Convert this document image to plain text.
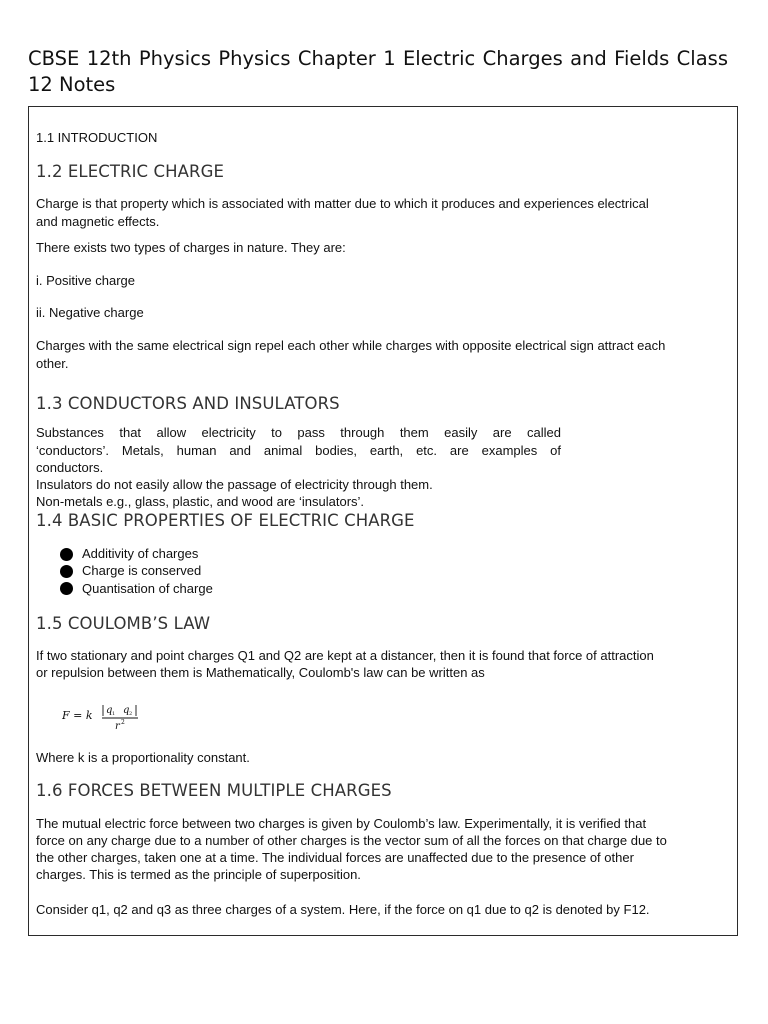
CBSE 12th Physics Physics Chapter 1 Electric Charges and Fields Class 12 Notes

1.1 INTRODUCTION

1.2 ELECTRIC CHARGE

Charge is that property which is associated with matter due to which it produces and experiences electrical

and magnetic effects.

There exists two types of charges in nature. They are:

i. Positive charge

ii. Negative charge

Charges with the same electrical sign repel each other while charges with opposite electrical sign attract each

other.

1.3 CONDUCTORS AND INSULATORS

Substances that allow electricity to pass through them easily are called

‘conductors’. Metals, human and animal bodies, earth, etc. are examples of

conductors.

Insulators do not easily allow the passage of electricity through them.

Non-metals e.g., glass, plastic, and wood are ‘insulators’.

1.4 BASIC PROPERTIES OF ELECTRIC CHARGE
Additivity of charges
Charge is conserved
Quantisation of charge
1.5 COULOMB’S LAW

If two stationary and point charges Q1 and Q2 are kept at a distancer, then it is found that force of attraction

or repulsion between them is Mathematically, Coulomb's law can be written as

F = k q 1 q 2
r 2

Where k is a proportionality constant.

1.6 FORCES BETWEEN MULTIPLE CHARGES

The mutual electric force between two charges is given by Coulomb’s law. Experimentally, it is verified that

force on any charge due to a number of other charges is the vector sum of all the forces on that charge due to

the other charges, taken one at a time. The individual forces are unaffected due to the presence of other

charges. This is termed as the principle of superposition.

Consider q1, q2 and q3 as three charges of a system. Here, if the force on q1 due to q2 is denoted by F12.
